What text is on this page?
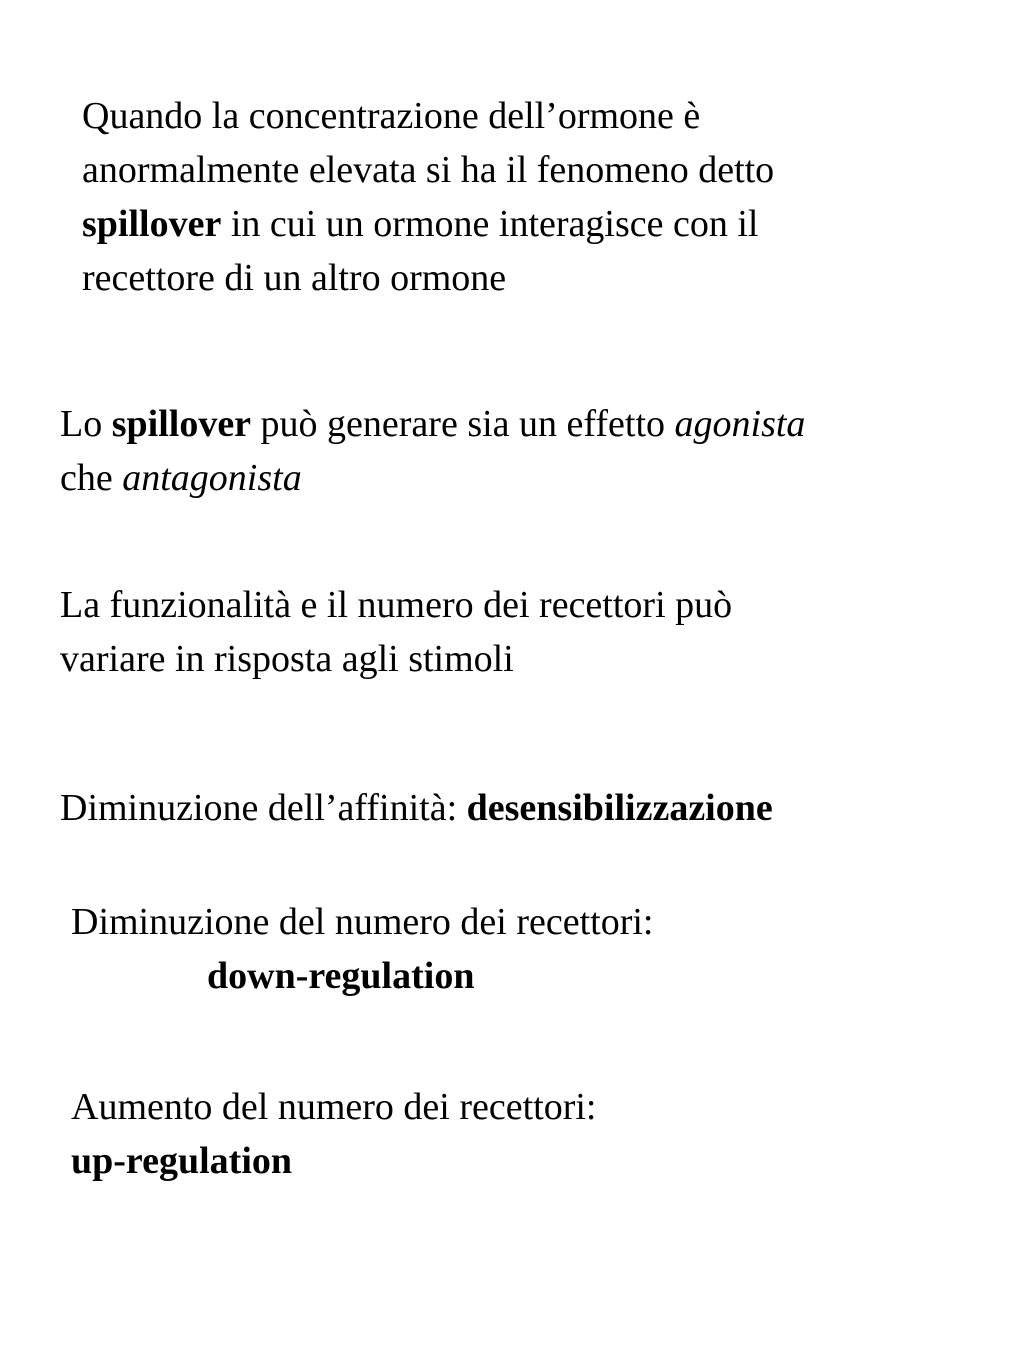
Quando la concentrazione dell’ormone è
anormalmente elevata si ha il fenomeno detto
spillover in cui un ormone interagisce con il
recettore di un altro ormone
Lo spillover può generare sia un effetto agonista
che antagonista
La funzionalità e il numero dei recettori può
variare in risposta agli stimoli
Diminuzione dell’affinità: desensibilizzazione
Diminuzione del numero dei recettori:
down-regulation
Aumento del numero dei recettori:
up-regulation
